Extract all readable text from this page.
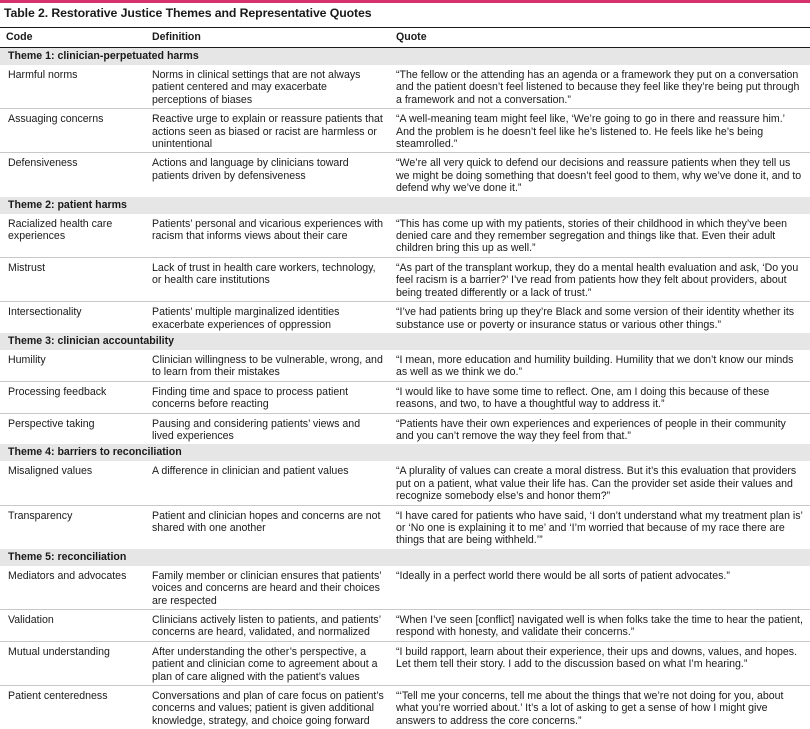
Table 2. Restorative Justice Themes and Representative Quotes
Code	Definition	Quote
Theme 1: clinician-perpetuated harms		
Harmful norms	Norms in clinical settings that are not always patient centered and may exacerbate perceptions of biases	“The fellow or the attending has an agenda or a framework they put on a conversation and the patient doesn’t feel listened to because they feel like they’re being put through a framework and not a conversation.”
Assuaging concerns	Reactive urge to explain or reassure patients that actions seen as biased or racist are harmless or unintentional	“A well-meaning team might feel like, ‘We’re going to go in there and reassure him.’ And the problem is he doesn’t feel like he’s listened to. He feels like he’s being steamrolled.”
Defensiveness	Actions and language by clinicians toward patients driven by defensiveness	“We’re all very quick to defend our decisions and reassure patients when they tell us we might be doing something that doesn’t feel good to them, why we’ve done it, and to defend why we’ve done it.”
Theme 2: patient harms		
Racialized health care experiences	Patients’ personal and vicarious experiences with racism that informs views about their care	“This has come up with my patients, stories of their childhood in which they’ve been denied care and they remember segregation and things like that. Even their adult children bring this up as well.”
Mistrust	Lack of trust in health care workers, technology, or health care institutions	“As part of the transplant workup, they do a mental health evaluation and ask, ‘Do you feel racism is a barrier?’ I’ve read from patients how they felt about providers, about being treated differently or a lack of trust.”
Intersectionality	Patients’ multiple marginalized identities exacerbate experiences of oppression	“I’ve had patients bring up they’re Black and some version of their identity whether its substance use or poverty or insurance status or various other things.”
Theme 3: clinician accountability		
Humility	Clinician willingness to be vulnerable, wrong, and to learn from their mistakes	“I mean, more education and humility building. Humility that we don’t know our minds as well as we think we do.”
Processing feedback	Finding time and space to process patient concerns before reacting	“I would like to have some time to reflect. One, am I doing this because of these reasons, and two, to have a thoughtful way to address it.”
Perspective taking	Pausing and considering patients’ views and lived experiences	“Patients have their own experiences and experiences of people in their community and you can’t remove the way they feel from that.”
Theme 4: barriers to reconciliation		
Misaligned values	A difference in clinician and patient values	“A plurality of values can create a moral distress. But it’s this evaluation that providers put on a patient, what value their life has. Can the provider set aside their values and recognize somebody else’s and honor them?”
Transparency	Patient and clinician hopes and concerns are not shared with one another	“I have cared for patients who have said, ‘I don’t understand what my treatment plan is’ or ‘No one is explaining it to me’ and ‘I’m worried that because of my race there are things that are being withheld.’”
Theme 5: reconciliation		
Mediators and advocates	Family member or clinician ensures that patients’ voices and concerns are heard and their choices are respected	“Ideally in a perfect world there would be all sorts of patient advocates.”
Validation	Clinicians actively listen to patients, and patients’ concerns are heard, validated, and normalized	“When I’ve seen [conflict] navigated well is when folks take the time to hear the patient, respond with honesty, and validate their concerns.”
Mutual understanding	After understanding the other’s perspective, a patient and clinician come to agreement about a plan of care aligned with the patient’s values	“I build rapport, learn about their experience, their ups and downs, values, and hopes. Let them tell their story. I add to the discussion based on what I’m hearing.”
Patient centeredness	Conversations and plan of care focus on patient’s concerns and values; patient is given additional knowledge, strategy, and choice going forward	“‘Tell me your concerns, tell me about the things that we’re not doing for you, about what you’re worried about.’ It’s a lot of asking to get a sense of how I might give answers to address the core concerns.”
